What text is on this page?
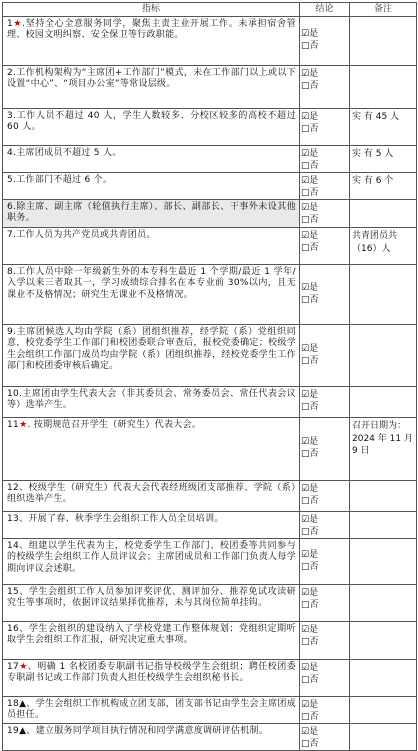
指标	结论	备注
1★.坚持全心全意服务同学，聚焦主责主业开展工作。未承担宿舍管理、校园文明纠察、安全保卫等行政职能。	☑是
□否	

2.工作机构架构为“主席团+工作部门”模式，未在工作部门以上或以下设置“中心”、“项目办公室”等常设层级。	☑是
□否	

3.工作人员不超过 40 人，学生人数较多、分校区较多的高校不超过 60 人。	☑是
□否	实 有 45 人
4.主席团成员不超过 5 人。	☑是
□否	实 有 5 人
5.工作部门不超过 6 个。	☑是
□否	实 有 6 个
6.除主席、副主席（轮值执行主席）、部长、副部长、干事外未设其他职务。	☑是
□否	

7.工作人员为共产党员或共青团员。	☑是
□否	共青团员共（16）人
8.工作人员中除一年级新生外的本专科生最近 1 个学期/最近 1 学年/入学以来三者取其一，学习成绩综合排名在本专业前 30%以内，且无课业不及格情况；研究生无课业不及格情况。	☑是
□否	

9.主席团候选人均由学院（系）团组织推荐，经学院（系）党组织同意，校党委学生工作部门和校团委联合审查后，报校党委确定；校级学生会组织工作部门成员均由学院（系）团组织推荐，经校党委学生工作部门和校团委审核后确定。	☑是
□否	

10.主席团由学生代表大会（非其委员会、常务委员会、常任代表会议等）选举产生。	☑是
□否	

11★. 按期规范召开学生（研究生）代表大会。	☑是
□否	召开日期为：2024 年 11 月 9 日
12、校级学生（研究生）代表大会代表经班级团支部推荐、学院（系）组织选举产生。	☑是
□否	

13、开展了春、秋季学生会组织工作人员全员培训。	☑是
□否	

14、组建以学生代表为主，校党委学生工作部门、校团委等共同参与的校级学生会组织工作人员评议会；主席团成员和工作部门负责人每学期向评议会述职。	☑是
□否	

15、学生会组织工作人员参加评奖评优、测评加分、推荐免试攻读研究生等事项时，依据评议结果择优推荐，未与其岗位简单挂钩。	☑是
□否	

16、学生会组织的建设纳入了学校党建工作整体规划；党组织定期听取学生会组织工作汇报，研究决定重大事项。	☑是
□否	

17★、明确 1 名校团委专职副书记指导校级学生会组织；聘任校团委专职副书记或工作部门负责人担任校级学生会组织秘书长。	☑是
□否	

18▲、学生会组织工作机构成立团支部，团支部书记由学生会主席团成员担任。	☑是
□否	

19▲、建立服务同学项目执行情况和同学满意度调研评估机制。	☑是
□否	
